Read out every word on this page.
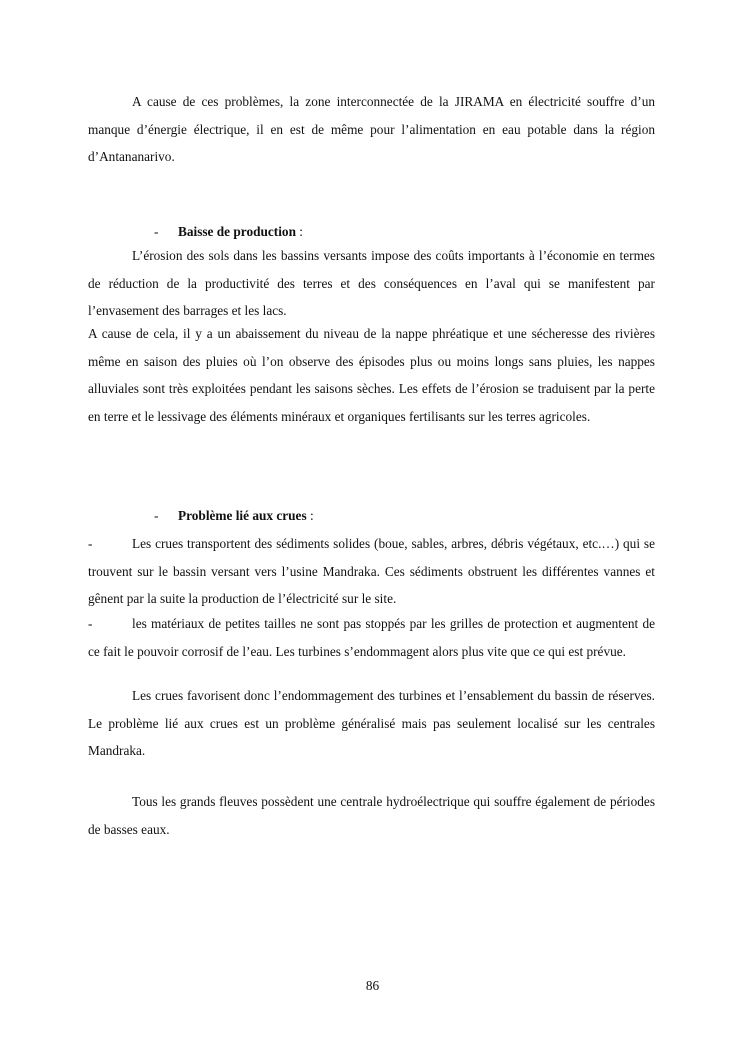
A cause de ces problèmes, la zone interconnectée de la JIRAMA en électricité souffre d’un manque d’énergie électrique, il en est de même pour l’alimentation en eau potable dans la région d’Antananarivo.

- Baisse de production :

L’érosion des sols dans les bassins versants impose des coûts importants à l’économie en termes de réduction de la productivité des terres et des conséquences en l’aval qui se manifestent par l’envasement des barrages et les lacs.

A cause de cela, il y a un abaissement du niveau de la nappe phréatique et une sécheresse des rivières même en saison des pluies où l’on observe des épisodes plus ou moins longs sans pluies, les nappes alluviales sont très exploitées pendant les saisons sèches. Les effets de l’érosion se traduisent par la perte en terre et le lessivage des éléments minéraux et organiques fertilisants sur les terres agricoles.

- Problème lié aux crues :
-	Les crues transportent des sédiments solides (boue, sables, arbres, débris végétaux, etc.…) qui se trouvent sur le bassin versant vers l’usine Mandraka. Ces sédiments obstruent les différentes vannes et gênent par la suite la production de l’électricité sur le site.
-	les matériaux de petites tailles ne sont pas stoppés par les grilles de protection et augmentent de ce fait le pouvoir corrosif de l’eau. Les turbines s’endommagent alors plus vite que ce qui est prévue.

Les crues favorisent donc l’endommagement des turbines et l’ensablement du bassin de réserves. Le problème lié aux crues est un problème généralisé mais pas seulement localisé sur les centrales Mandraka.

Tous les grands fleuves possèdent une centrale hydroélectrique qui souffre également de périodes de basses eaux.

86
